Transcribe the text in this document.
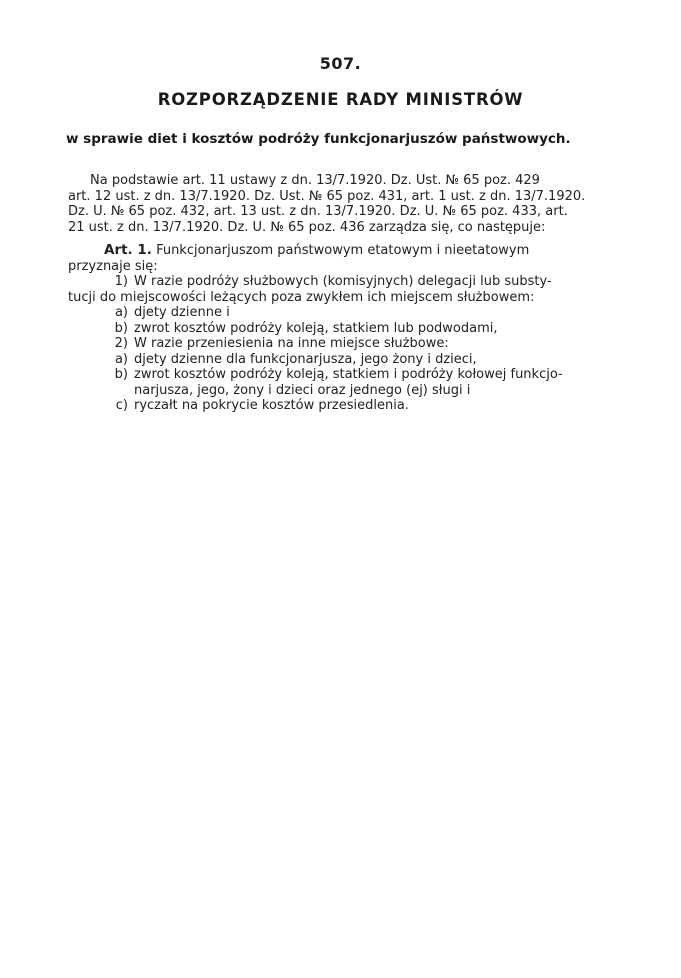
507.
ROZPORZĄDZENIE RADY MINISTRÓW
w sprawie diet i kosztów podróży funkcjonarjuszów państwowych.
Na podstawie art. 11 ustawy z dn. 13/7.1920. Dz. Ust. № 65 poz. 429
art. 12 ust. z dn. 13/7.1920. Dz. Ust. № 65 poz. 431, art. 1 ust. z dn. 13/7.1920.
Dz. U. № 65 poz. 432, art. 13 ust. z dn. 13/7.1920. Dz. U. № 65 poz. 433, art.
21 ust. z dn. 13/7.1920. Dz. U. № 65 poz. 436 zarządza się, co następuje:
Art. 1. Funkcjonarjuszom państwowym etatowym i nieetatowym
przyznaje się:
1) W razie podróży służbowych (komisyjnych) delegacji lub substy-
tucji do miejscowości leżących poza zwykłem ich miejscem służbowem:
a) djety dzienne i
b) zwrot kosztów podróży koleją, statkiem lub podwodami,
2) W razie przeniesienia na inne miejsce służbowe:
a) djety dzienne dla funkcjonarjusza, jego żony i dzieci,
b) zwrot kosztów podróży koleją, statkiem i podróży kołowej funkcjo-
narjusza, jego, żony i dzieci oraz jednego (ej) sługi i
c) ryczałt na pokrycie kosztów przesiedlenia.
